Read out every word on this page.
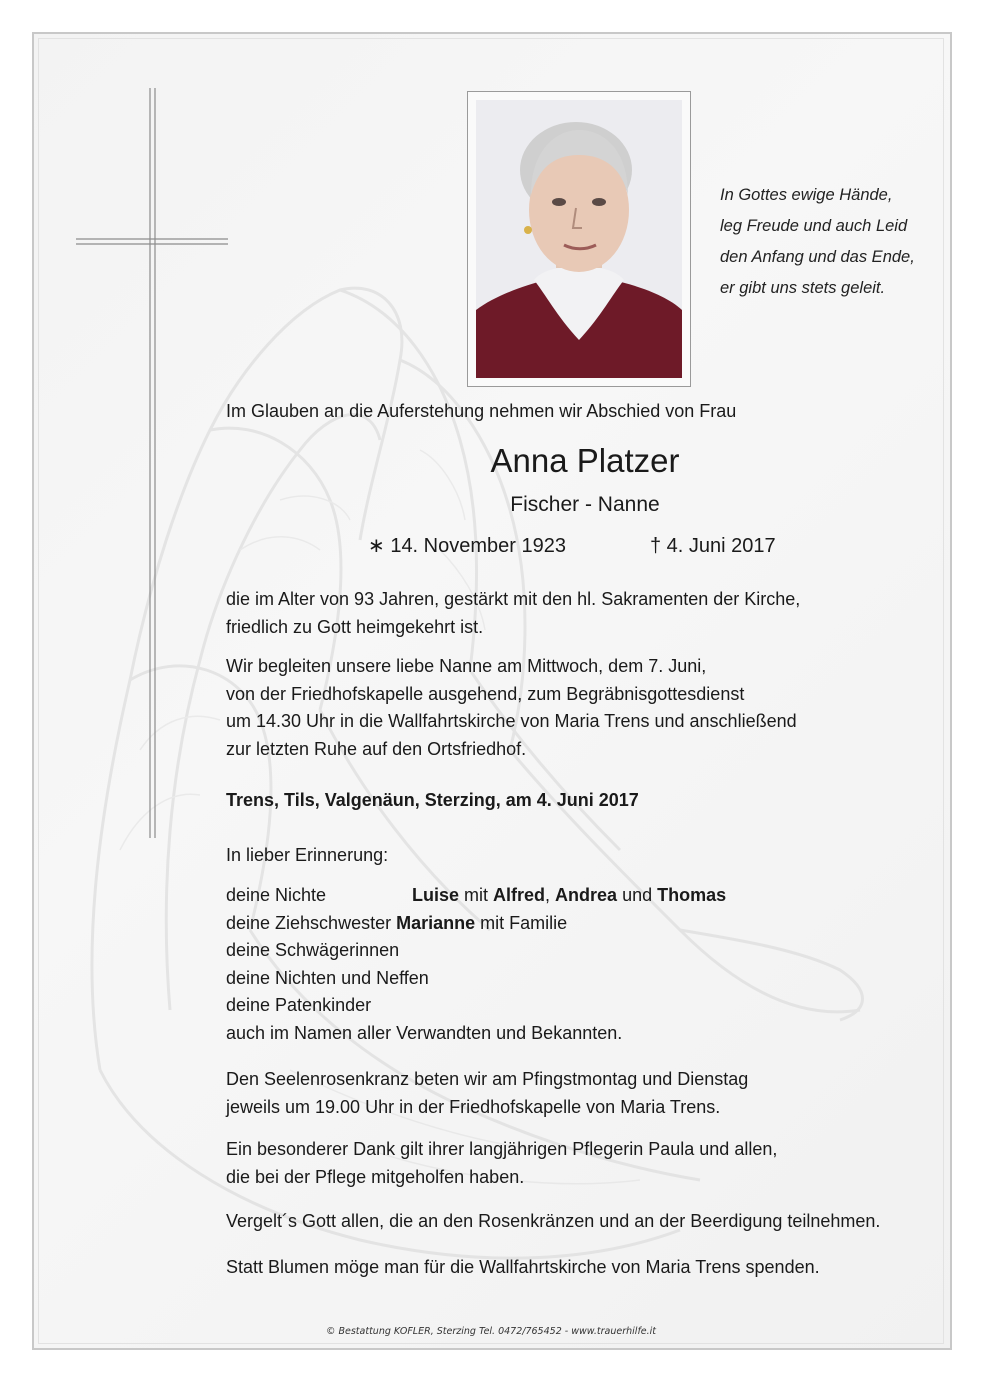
In Gottes ewige Hände,
leg Freude und auch Leid
den Anfang und das Ende,
er gibt uns stets geleit.
Im Glauben an die Auferstehung nehmen wir Abschied von Frau
Anna Platzer
Fischer - Nanne
∗ 14. November 1923	† 4. Juni 2017
die im Alter von 93 Jahren, gestärkt mit den hl. Sakramenten der Kirche,
friedlich zu Gott heimgekehrt ist.
Wir begleiten unsere liebe Nanne am Mittwoch, dem 7. Juni,
von der Friedhofskapelle ausgehend, zum Begräbnisgottesdienst
um 14.30 Uhr in die Wallfahrtskirche von Maria Trens und anschließend
zur letzten Ruhe auf den Ortsfriedhof.
Trens, Tils, Valgenäun, Sterzing, am 4. Juni 2017
In lieber Erinnerung:
deine Nichte	Luise mit Alfred, Andrea und Thomas
deine Ziehschwester Marianne mit Familie
deine Schwägerinnen
deine Nichten und Neffen
deine Patenkinder
auch im Namen aller Verwandten und Bekannten.
Den Seelenrosenkranz beten wir am Pfingstmontag und Dienstag
jeweils um 19.00 Uhr in der Friedhofskapelle von Maria Trens.
Ein besonderer Dank gilt ihrer langjährigen Pflegerin Paula und allen,
die bei der Pflege mitgeholfen haben.
Vergelt´s Gott allen, die an den Rosenkränzen und an der Beerdigung teilnehmen.
Statt Blumen möge man für die Wallfahrtskirche von Maria Trens spenden.
© Bestattung KOFLER, Sterzing Tel. 0472/765452 - www.trauerhilfe.it
